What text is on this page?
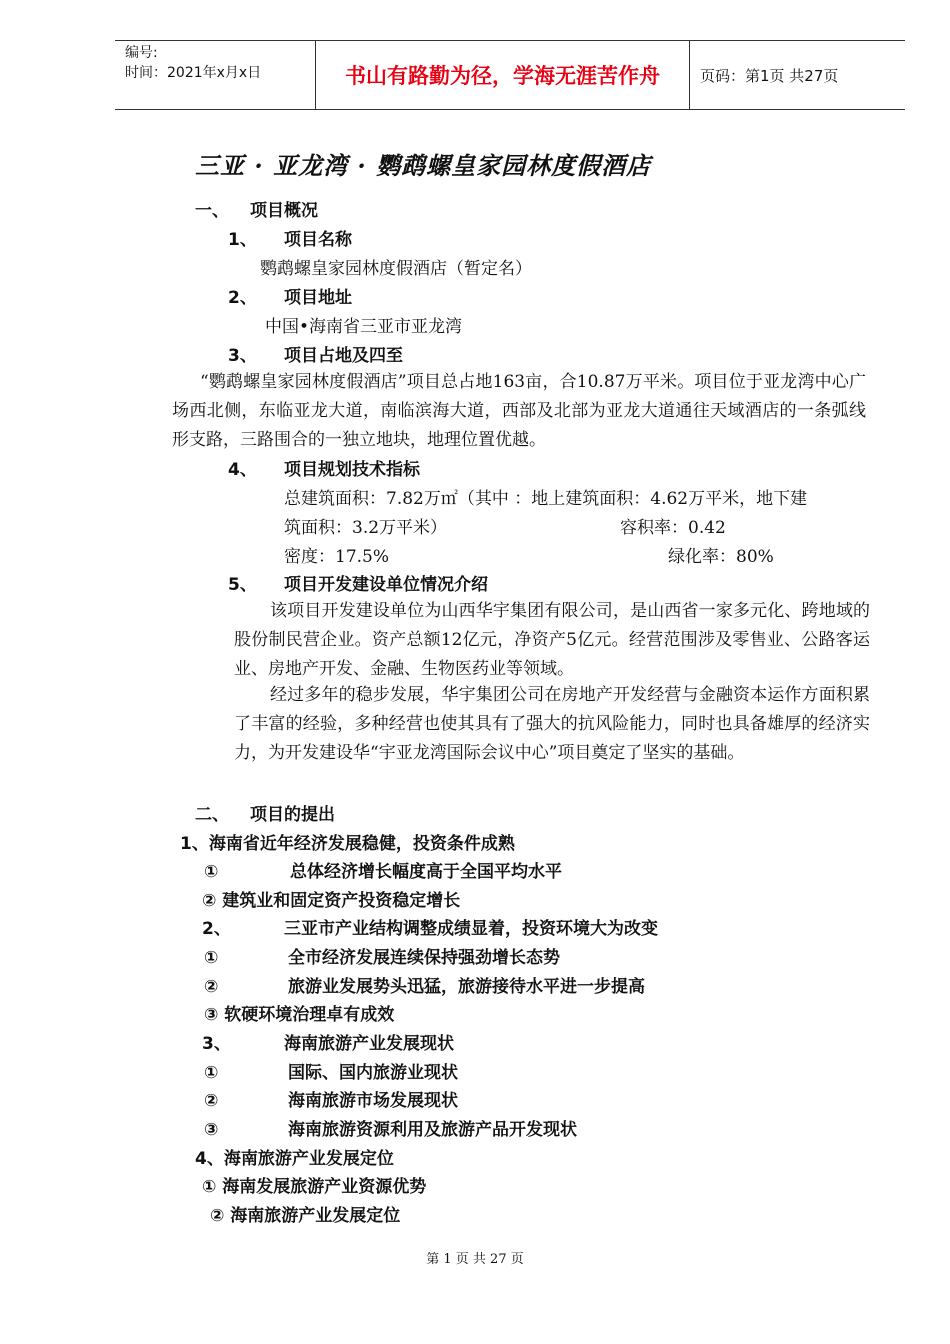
编号:
时间：2021年x月x日	书山有路勤为径，学海无涯苦作舟	页码：第1页 共27页
三亚 · 亚龙湾 · 鹦鹉螺皇家园林度假酒店
一、 项目概况
1、 项目名称
鹦鹉螺皇家园林度假酒店（暂定名）
2、 项目地址
中国•海南省三亚市亚龙湾
3、 项目占地及四至
“鹦鹉螺皇家园林度假酒店”项目总占地163亩，合10.87万平米。项目位于亚龙湾中心广场西北侧，东临亚龙大道，南临滨海大道，西部及北部为亚龙大道通往天域酒店的一条弧线形支路，三路围合的一独立地块，地理位置优越。
4、 项目规划技术指标
总建筑面积：7.82万㎡（其中 ：地上建筑面积：4.62万平米，地下建
筑面积：3.2万平米）	容积率：0.42
密度：17.5%	绿化率：80%
5、 项目开发建设单位情况介绍
该项目开发建设单位为山西华宇集团有限公司，是山西省一家多元化、跨地域的股份制民营企业。资产总额12亿元，净资产5亿元。经营范围涉及零售业、公路客运业、房地产开发、金融、生物医药业等领域。
经过多年的稳步发展，华宇集团公司在房地产开发经营与金融资本运作方面积累了丰富的经验，多种经营也使其具有了强大的抗风险能力，同时也具备雄厚的经济实力，为开发建设华“宇亚龙湾国际会议中心”项目奠定了坚实的基础。
二、 项目的提出
1、海南省近年经济发展稳健，投资条件成熟
①	总体经济增长幅度高于全国平均水平
② 建筑业和固定资产投资稳定增长
2、	三亚市产业结构调整成绩显着，投资环境大为改变
①	全市经济发展连续保持强劲增长态势
②	旅游业发展势头迅猛，旅游接待水平进一步提高
③ 软硬环境治理卓有成效
3、	海南旅游产业发展现状
①	国际、国内旅游业现状
②	海南旅游市场发展现状
③	海南旅游资源利用及旅游产品开发现状
4、海南旅游产业发展定位
① 海南发展旅游产业资源优势
② 海南旅游产业发展定位
第 1 页 共 27 页
